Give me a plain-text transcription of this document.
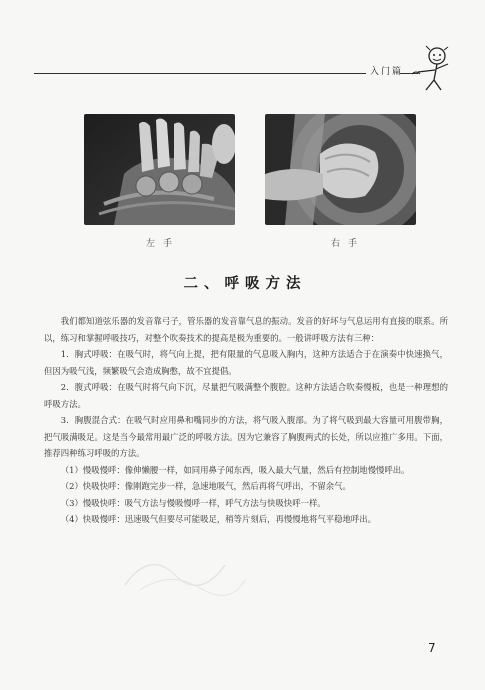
入门篇
左手	右手
二、呼吸方法

我们都知道弦乐器的发音靠弓子，管乐器的发音靠气息的振动。发音的好坏与气息运用有直接的联系。所以，练习和掌握呼吸技巧，对整个吹奏技术的提高是极为重要的。一般讲呼吸方法有三种：

1．胸式呼吸：在吸气时，将气向上提，把有限量的气息吸入胸内，这种方法适合于在演奏中快速换气，但因为吸气浅，频繁吸气会造成胸憋，故不宜提倡。

2．腹式呼吸：在吸气时将气向下沉，尽量把气吸满整个腹腔。这种方法适合吹奏慢板，也是一种理想的呼吸方法。

3．胸腹混合式：在吸气时应用鼻和嘴同步的方法，将气吸入腹部。为了将气吸到最大容量可用腹带胸，把气吸满吸足。这是当今最常用最广泛的呼吸方法。因为它兼容了胸腹两式的长处，所以应推广多用。下面，推荐四种练习呼吸的方法。

（1）慢吸慢呼：像伸懒腰一样，如同用鼻子闻东西，吸入最大气量，然后有控制地慢慢呼出。

（2）快吸快呼：像刚跑完步一样，急速地吸气，然后再将气呼出，不留余气。

（3）慢吸快呼：吸气方法与慢吸慢呼一样，呼气方法与快吸快呼一样。

（4）快吸慢呼：迅速吸气但要尽可能吸足，稍等片刻后，再慢慢地将气平稳地呼出。

7
